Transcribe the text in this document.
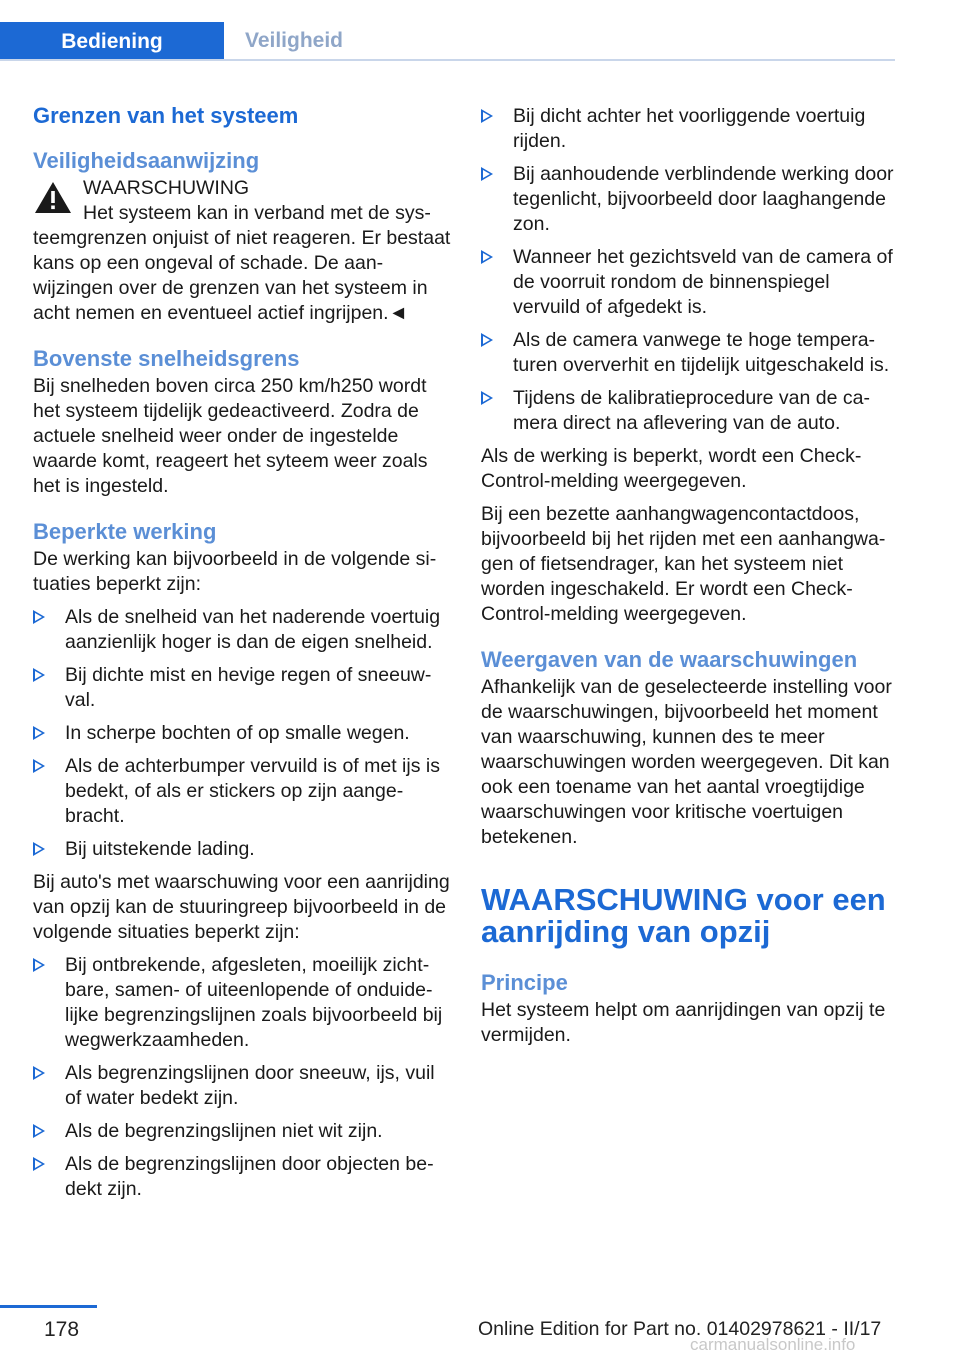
Bediening	Veiligheid
Grenzen van het systeem
Veiligheidsaanwijzing
WAARSCHUWING

Het systeem kan in verband met de systeemgrenzen onjuist of niet reageren. Er bestaat kans op een ongeval of schade. De aanwijzingen over de grenzen van het systeem in acht nemen en eventueel actief ingrijpen.◄

Bovenste snelheidsgrens

Bij snelheden boven circa 250 km/h250 wordt het systeem tijdelijk gedeactiveerd. Zodra de actuele snelheid weer onder de ingestelde waarde komt, reageert het syteem weer zoals het is ingesteld.

Beperkte werking

De werking kan bijvoorbeeld in de volgende situaties beperkt zijn:

Als de snelheid van het naderende voertuig aanzienlijk hoger is dan de eigen snelheid.
Bij dichte mist en hevige regen of sneeuwval.
In scherpe bochten of op smalle wegen.
Als de achterbumper vervuild is of met ijs is bedekt, of als er stickers op zijn aangebracht.
Bij uitstekende lading.

Bij auto's met waarschuwing voor een aanrijding van opzij kan de stuuringreep bijvoorbeeld in de volgende situaties beperkt zijn:

Bij ontbrekende, afgesleten, moeilijk zichtbare, samen- of uiteenlopende of onduidelijke begrenzingslijnen zoals bijvoorbeeld bij wegwerkzaamheden.
Als begrenzingslijnen door sneeuw, ijs, vuil of water bedekt zijn.
Als de begrenzingslijnen niet wit zijn.
Als de begrenzingslijnen door objecten bedekt zijn.
Bij dicht achter het voorliggende voertuig rijden.
Bij aanhoudende verblindende werking door tegenlicht, bijvoorbeeld door laaghangende zon.
Wanneer het gezichtsveld van de camera of de voorruit rondom de binnenspiegel vervuild of afgedekt is.
Als de camera vanwege te hoge temperaturen oververhit en tijdelijk uitgeschakeld is.
Tijdens de kalibratieprocedure van de camera direct na aflevering van de auto.

Als de werking is beperkt, wordt een Check-Control-melding weergegeven.

Bij een bezette aanhangwagencontactdoos, bijvoorbeeld bij het rijden met een aanhangwagen of fietsendrager, kan het systeem niet worden ingeschakeld. Er wordt een Check-Control-melding weergegeven.

Weergaven van de waarschuwingen

Afhankelijk van de geselecteerde instelling voor de waarschuwingen, bijvoorbeeld het moment van waarschuwing, kunnen des te meer waarschuwingen worden weergegeven. Dit kan ook een toename van het aantal vroegtijdige waarschuwingen voor kritische voertuigen betekenen.

WAARSCHUWING voor een aanrijding van opzij
Principe

Het systeem helpt om aanrijdingen van opzij te vermijden.

178	Online Edition for Part no. 01402978621 - II/17
carmanualsonline.info
